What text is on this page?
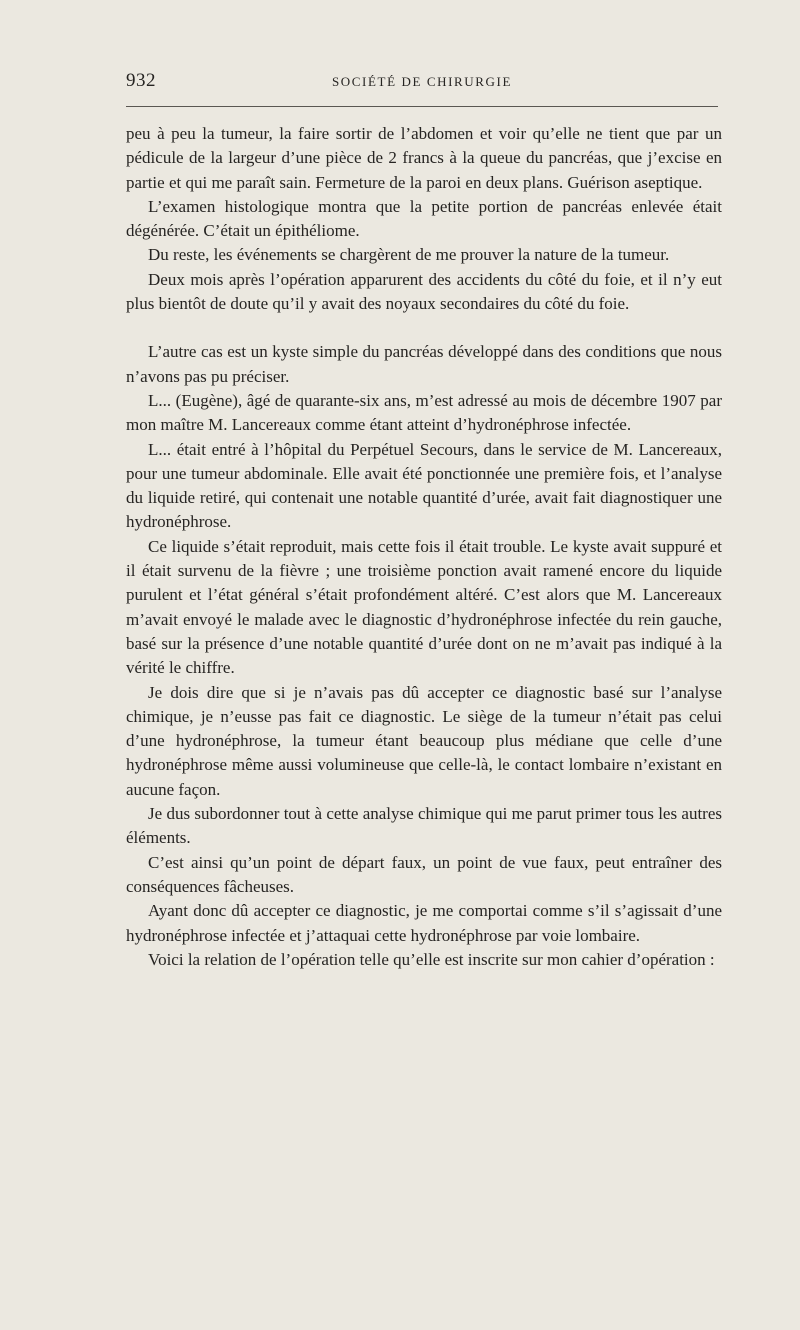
932	SOCIÉTÉ DE CHIRURGIE

peu à peu la tumeur, la faire sortir de l’abdomen et voir qu’elle ne tient que par un pédicule de la largeur d’une pièce de 2 francs à la queue du pancréas, que j’excise en partie et qui me paraît sain. Fermeture de la paroi en deux plans. Guérison aseptique.

L’examen histologique montra que la petite portion de pancréas enlevée était dégénérée. C’était un épithéliome.

Du reste, les événements se chargèrent de me prouver la nature de la tumeur.

Deux mois après l’opération apparurent des accidents du côté du foie, et il n’y eut plus bientôt de doute qu’il y avait des noyaux secondaires du côté du foie.

L’autre cas est un kyste simple du pancréas développé dans des conditions que nous n’avons pas pu préciser.

L... (Eugène), âgé de quarante-six ans, m’est adressé au mois de décembre 1907 par mon maître M. Lancereaux comme étant atteint d’hydronéphrose infectée.

L... était entré à l’hôpital du Perpétuel Secours, dans le service de M. Lancereaux, pour une tumeur abdominale. Elle avait été ponctionnée une première fois, et l’analyse du liquide retiré, qui contenait une notable quantité d’urée, avait fait diagnostiquer une hydronéphrose.

Ce liquide s’était reproduit, mais cette fois il était trouble. Le kyste avait suppuré et il était survenu de la fièvre ; une troisième ponction avait ramené encore du liquide purulent et l’état général s’était profondément altéré. C’est alors que M. Lancereaux m’avait envoyé le malade avec le diagnostic d’hydronéphrose infectée du rein gauche, basé sur la présence d’une notable quantité d’urée dont on ne m’avait pas indiqué à la vérité le chiffre.

Je dois dire que si je n’avais pas dû accepter ce diagnostic basé sur l’analyse chimique, je n’eusse pas fait ce diagnostic. Le siège de la tumeur n’était pas celui d’une hydronéphrose, la tumeur étant beaucoup plus médiane que celle d’une hydronéphrose même aussi volumineuse que celle-là, le contact lombaire n’existant en aucune façon.

Je dus subordonner tout à cette analyse chimique qui me parut primer tous les autres éléments.

C’est ainsi qu’un point de départ faux, un point de vue faux, peut entraîner des conséquences fâcheuses.

Ayant donc dû accepter ce diagnostic, je me comportai comme s’il s’agissait d’une hydronéphrose infectée et j’attaquai cette hydronéphrose par voie lombaire.

Voici la relation de l’opération telle qu’elle est inscrite sur mon cahier d’opération :
